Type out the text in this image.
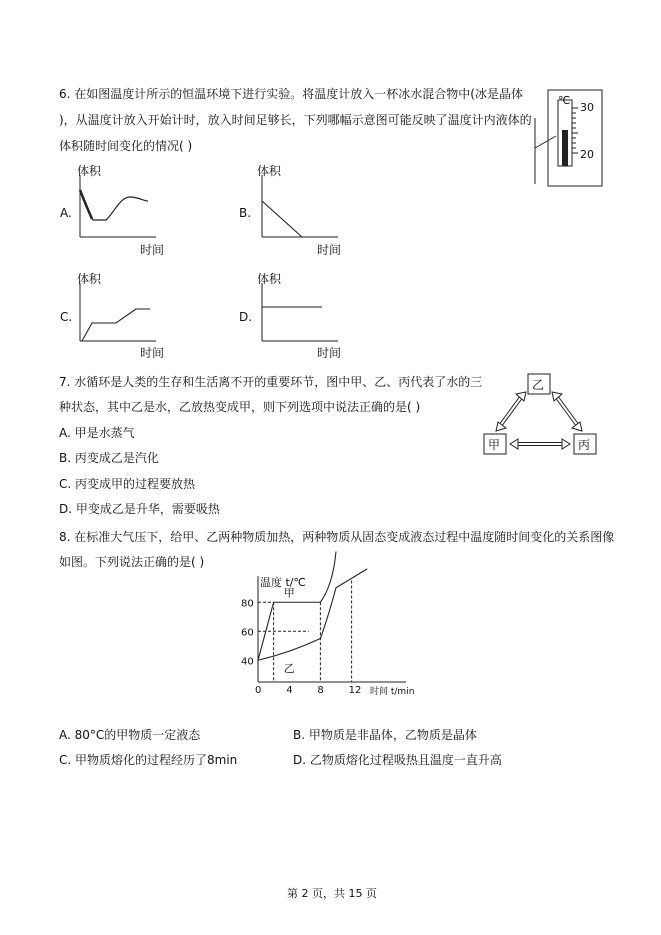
6. 在如图温度计所示的恒温环境下进行实验。将温度计放入一杯冰水混合物中(冰是晶体
)，从温度计放入开始计时，放入时间足够长，下列哪幅示意图可能反映了温度计内液体的
体积随时间变化的情况( )
℃
30
20
A.
体积
时间
B.
体积
时间
C.
体积
时间
D.
体积
时间
7. 水循环是人类的生存和生活离不开的重要环节，图中甲、乙、丙代表了水的三
种状态，其中乙是水，乙放热变成甲，则下列选项中说法正确的是( )
A. 甲是水蒸气
B. 丙变成乙是汽化
C. 丙变成甲的过程要放热
D. 甲变成乙是升华，需要吸热
乙
甲	丙
8. 在标准大气压下，给甲、乙两种物质加热，两种物质从固态变成液态过程中温度随时间变化的关系图像
如图。下列说法正确的是( )
温度 t/℃
时间 t/min
0 4 8 12
40
60
80
甲
乙
A. 80°C的甲物质一定液态	B. 甲物质是非晶体，乙物质是晶体
C. 甲物质熔化的过程经历了8min	D. 乙物质熔化过程吸热且温度一直升高
第 2 页，共 15 页
